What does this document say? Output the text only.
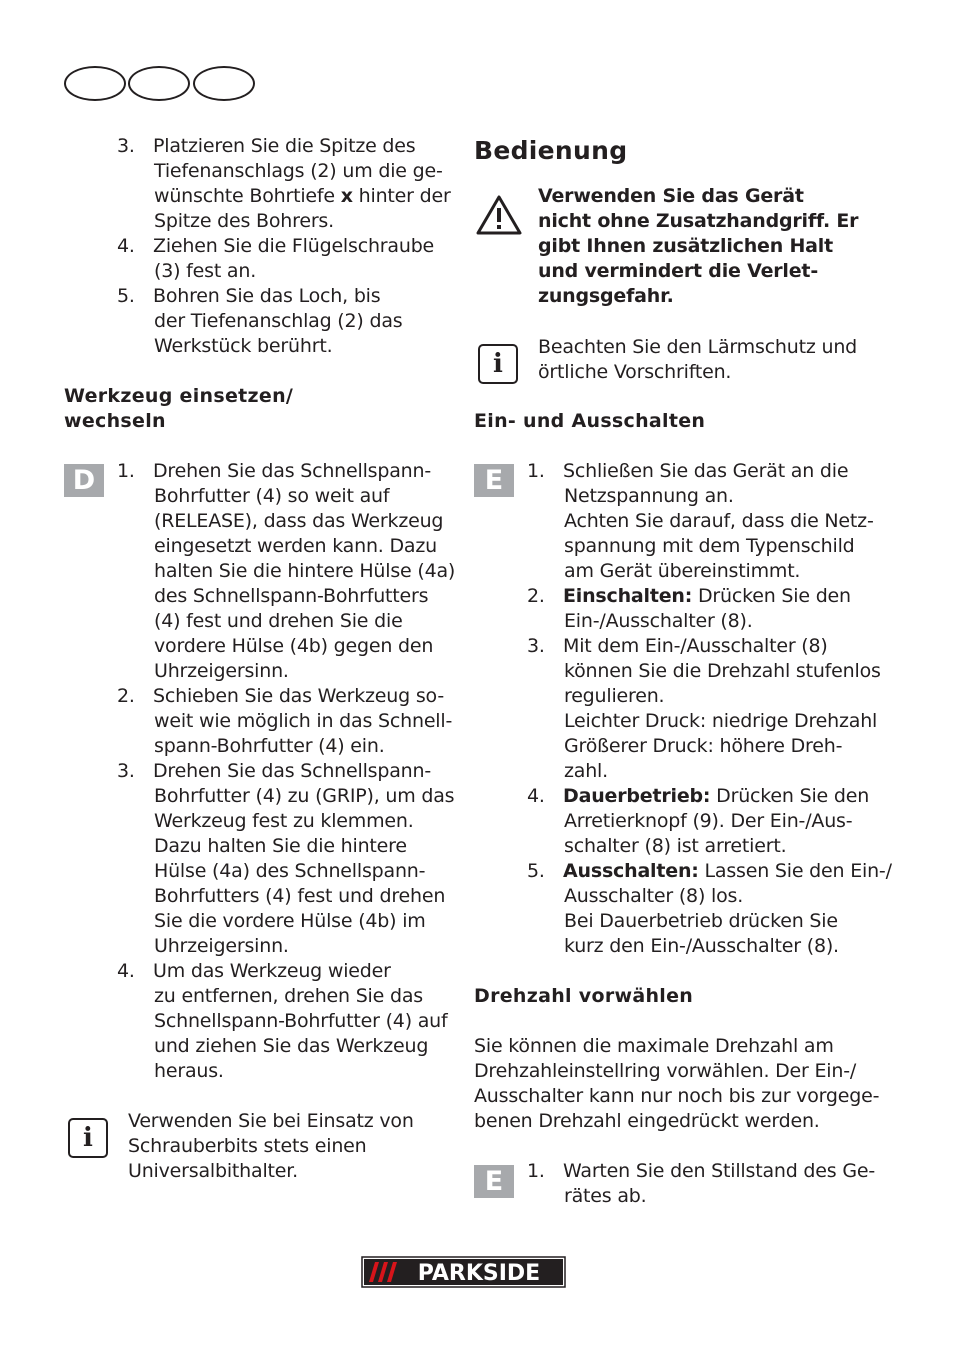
3. Platzieren Sie die Spitze des
Tiefenanschlags (2) um die ge-
wünschte Bohrtiefe x hinter der
Spitze des Bohrers.
4. Ziehen Sie die Flügelschraube
(3) fest an.
5. Bohren Sie das Loch, bis
der Tiefenanschlag (2) das
Werkstück berührt.
Werkzeug einsetzen/
wechseln
D	1. Drehen Sie das Schnellspann-
Bohrfutter (4) so weit auf
(RELEASE), dass das Werkzeug
eingesetzt werden kann. Dazu
halten Sie die hintere Hülse (4a)
des Schnellspann-Bohrfutters
(4) fest und drehen Sie die
vordere Hülse (4b) gegen den
Uhrzeigersinn.
2. Schieben Sie das Werkzeug so-
weit wie möglich in das Schnell-
spann-Bohrfutter (4) ein.
3. Drehen Sie das Schnellspann-
Bohrfutter (4) zu (GRIP), um das
Werkzeug fest zu klemmen.
Dazu halten Sie die hintere
Hülse (4a) des Schnellspann-
Bohrfutters (4) fest und drehen
Sie die vordere Hülse (4b) im
Uhrzeigersinn.
4. Um das Werkzeug wieder
zu entfernen, drehen Sie das
Schnellspann-Bohrfutter (4) auf
und ziehen Sie das Werkzeug
heraus.
i
Verwenden Sie bei Einsatz von
Schrauberbits stets einen
Universalbithalter.
Bedienung
Verwenden Sie das Gerät
nicht ohne Zusatzhandgriff. Er
gibt Ihnen zusätzlichen Halt
und vermindert die Verlet-
zungsgefahr.
i
Beachten Sie den Lärmschutz und
örtliche Vorschriften.
Ein- und Ausschalten
E	1. Schließen Sie das Gerät an die
Netzspannung an.
Achten Sie darauf, dass die Netz-
spannung mit dem Typenschild
am Gerät übereinstimmt.
2. Einschalten: Drücken Sie den
Ein-/Ausschalter (8).
3. Mit dem Ein-/Ausschalter (8)
können Sie die Drehzahl stufenlos
regulieren.
Leichter Druck: niedrige Drehzahl
Größerer Druck: höhere Dreh-
zahl.
4. Dauerbetrieb: Drücken Sie den
Arretierknopf (9). Der Ein-/Aus-
schalter (8) ist arretiert.
5. Ausschalten: Lassen Sie den Ein-/
Ausschalter (8) los.
Bei Dauerbetrieb drücken Sie
kurz den Ein-/Ausschalter (8).
Drehzahl vorwählen
Sie können die maximale Drehzahl am
Drehzahleinstellring vorwählen. Der Ein-/
Ausschalter kann nur noch bis zur vorgege-
benen Drehzahl eingedrückt werden.
E	1. Warten Sie den Stillstand des Ge-
rätes ab.
PARKSIDE
